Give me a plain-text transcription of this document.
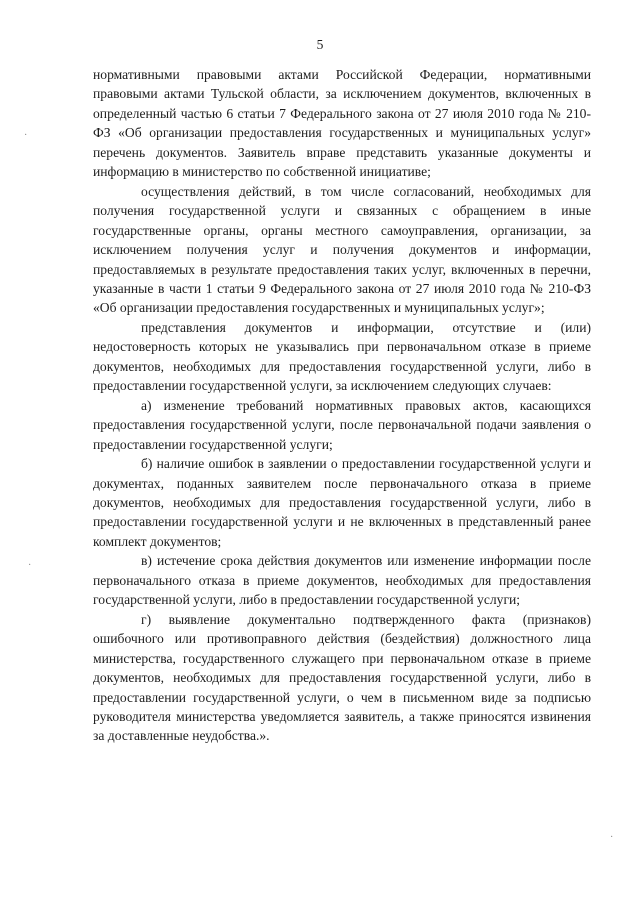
5

нормативными правовыми актами Российской Федерации, нормативными правовыми актами Тульской области, за исключением документов, включенных в определенный частью 6 статьи 7 Федерального закона от 27 июля 2010 года № 210-ФЗ «Об организации предоставления государственных и муниципальных услуг» перечень документов. Заявитель вправе представить указанные документы и информацию в министерство по собственной инициативе;

осуществления действий, в том числе согласований, необходимых для получения государственной услуги и связанных с обращением в иные государственные органы, органы местного самоуправления, организации, за исключением получения услуг и получения документов и информации, предоставляемых в результате предоставления таких услуг, включенных в перечни, указанные в части 1 статьи 9 Федерального закона от 27 июля 2010 года № 210-ФЗ «Об организации предоставления государственных и муниципальных услуг»;

представления документов и информации, отсутствие и (или) недостоверность которых не указывались при первоначальном отказе в приеме документов, необходимых для предоставления государственной услуги, либо в предоставлении государственной услуги, за исключением следующих случаев:

а) изменение требований нормативных правовых актов, касающихся предоставления государственной услуги, после первоначальной подачи заявления о предоставлении государственной услуги;

б) наличие ошибок в заявлении о предоставлении государственной услуги и документах, поданных заявителем после первоначального отказа в приеме документов, необходимых для предоставления государственной услуги, либо в предоставлении государственной услуги и не включенных в представленный ранее комплект документов;

в) истечение срока действия документов или изменение информации после первоначального отказа в приеме документов, необходимых для предоставления государственной услуги, либо в предоставлении государственной услуги;

г) выявление документально подтвержденного факта (признаков) ошибочного или противоправного действия (бездействия) должностного лица министерства, государственного служащего при первоначальном отказе в приеме документов, необходимых для предоставления государственной услуги, либо в предоставлении государственной услуги, о чем в письменном виде за подписью руководителя министерства уведомляется заявитель, а также приносятся извинения за доставленные неудобства.».

·
·
·
